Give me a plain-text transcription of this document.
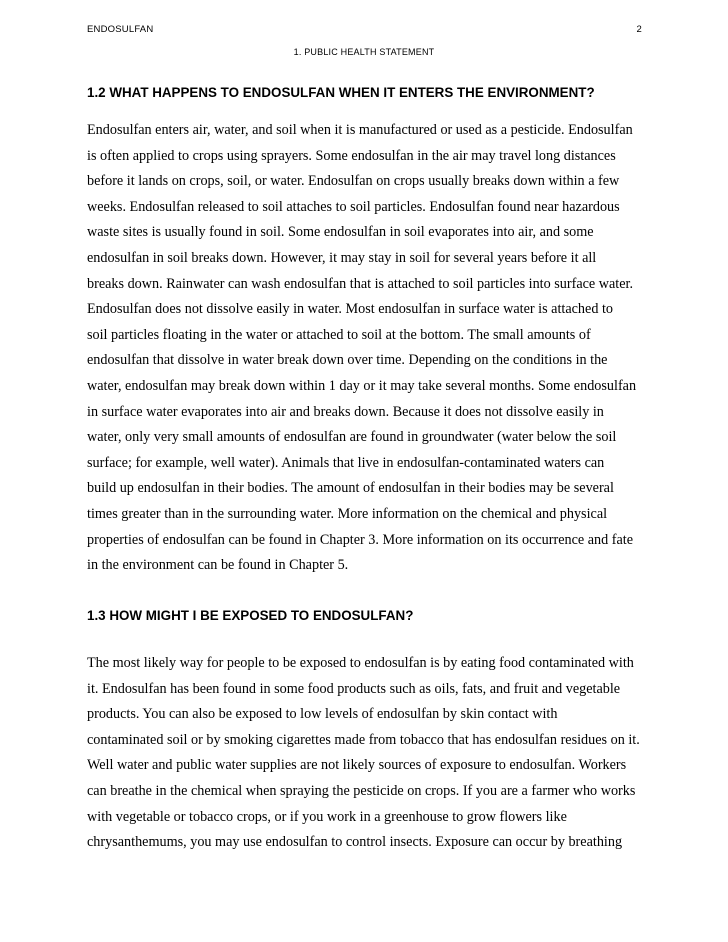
ENDOSULFAN	2
1. PUBLIC HEALTH STATEMENT
1.2 WHAT HAPPENS TO ENDOSULFAN WHEN IT ENTERS THE ENVIRONMENT?
Endosulfan enters air, water, and soil when it is manufactured or used as a pesticide. Endosulfan
is often applied to crops using sprayers. Some endosulfan in the air may travel long distances
before it lands on crops, soil, or water. Endosulfan on crops usually breaks down within a few
weeks. Endosulfan released to soil attaches to soil particles. Endosulfan found near hazardous
waste sites is usually found in soil. Some endosulfan in soil evaporates into air, and some
endosulfan in soil breaks down. However, it may stay in soil for several years before it all
breaks down. Rainwater can wash endosulfan that is attached to soil particles into surface water.
Endosulfan does not dissolve easily in water. Most endosulfan in surface water is attached to
soil particles floating in the water or attached to soil at the bottom. The small amounts of
endosulfan that dissolve in water break down over time. Depending on the conditions in the
water, endosulfan may break down within 1 day or it may take several months. Some endosulfan
in surface water evaporates into air and breaks down. Because it does not dissolve easily in
water, only very small amounts of endosulfan are found in groundwater (water below the soil
surface; for example, well water). Animals that live in endosulfan-contaminated waters can
build up endosulfan in their bodies. The amount of endosulfan in their bodies may be several
times greater than in the surrounding water. More information on the chemical and physical
properties of endosulfan can be found in Chapter 3. More information on its occurrence and fate
in the environment can be found in Chapter 5.
1.3 HOW MIGHT I BE EXPOSED TO ENDOSULFAN?
The most likely way for people to be exposed to endosulfan is by eating food contaminated with
it. Endosulfan has been found in some food products such as oils, fats, and fruit and vegetable
products. You can also be exposed to low levels of endosulfan by skin contact with
contaminated soil or by smoking cigarettes made from tobacco that has endosulfan residues on it.
Well water and public water supplies are not likely sources of exposure to endosulfan. Workers
can breathe in the chemical when spraying the pesticide on crops. If you are a farmer who works
with vegetable or tobacco crops, or if you work in a greenhouse to grow flowers like
chrysanthemums, you may use endosulfan to control insects. Exposure can occur by breathing
